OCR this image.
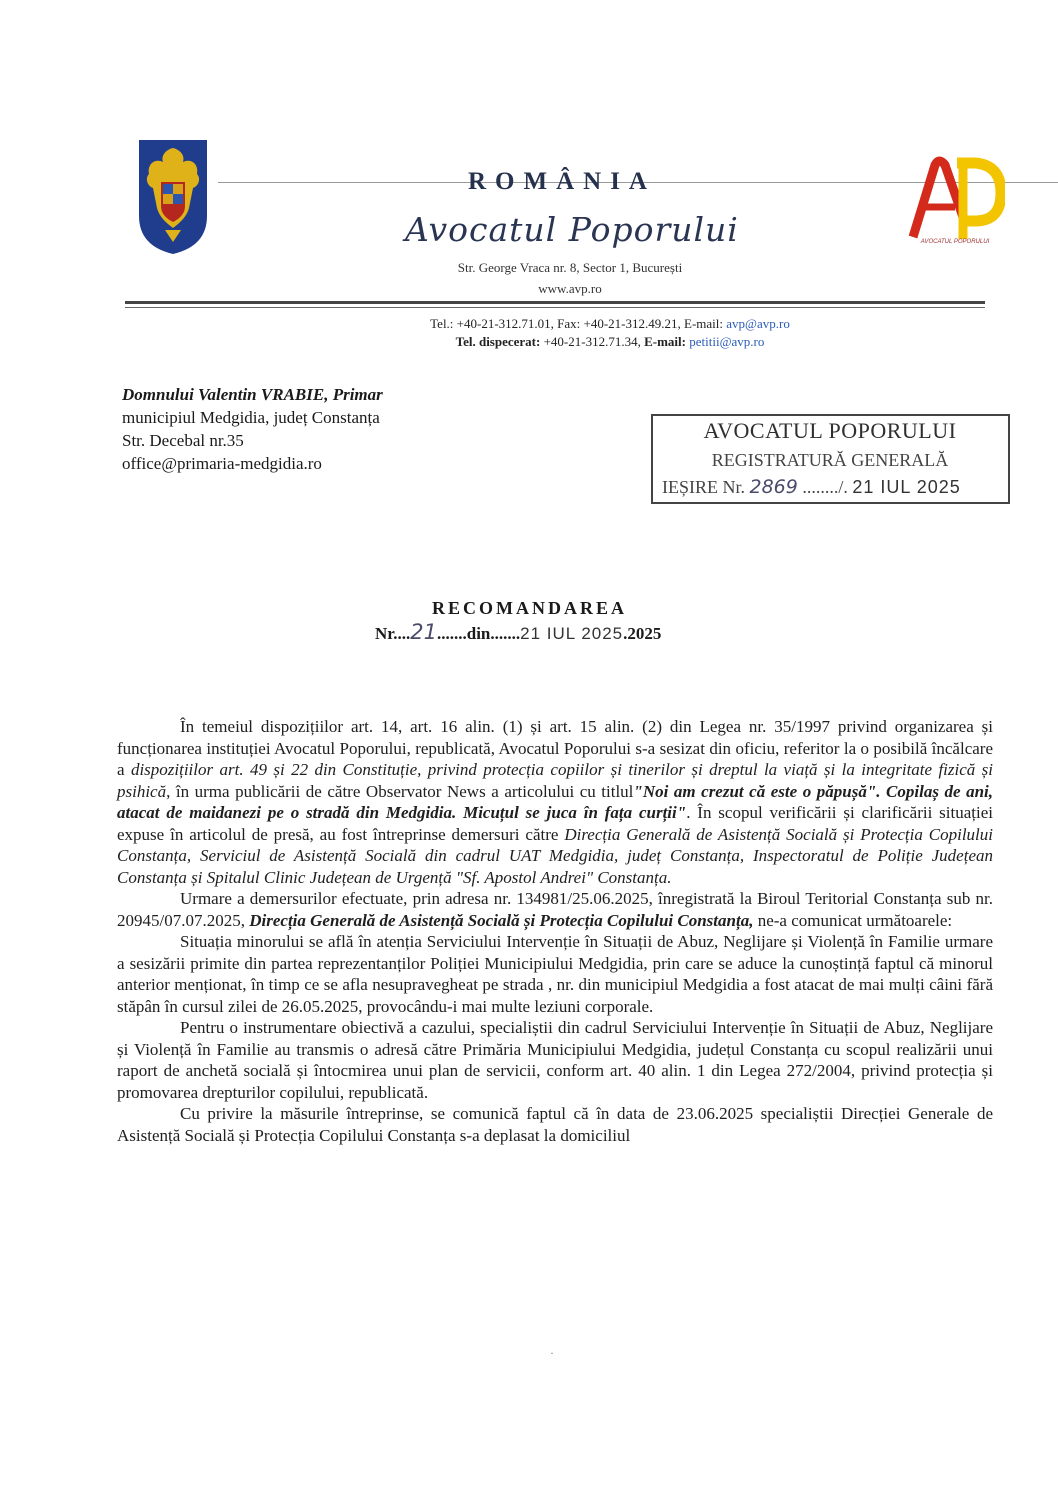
ROMÂNIA
Avocatul Poporului
Str. George Vraca nr. 8, Sector 1, București
www.avp.ro
AVOCATUL POPORULUI
Tel.: +40-21-312.71.01, Fax: +40-21-312.49.21, E-mail: avp@avp.ro
Tel. dispecerat: +40-21-312.71.34, E-mail: petitii@avp.ro
Domnului Valentin VRABIE, Primar
municipiul Medgidia, județ Constanța
Str. Decebal nr.35
office@primaria-medgidia.ro
AVOCATUL POPORULUI
REGISTRATURĂ GENERALĂ
IEȘIRE Nr. 2869 ......../. 21 IUL 2025
RECOMANDAREA
Nr....21.......din.......21 IUL 2025.2025

În temeiul dispozițiilor art. 14, art. 16 alin. (1) și art. 15 alin. (2) din Legea nr. 35/1997 privind organizarea și funcționarea instituției Avocatul Poporului, republicată, Avocatul Poporului s-a sesizat din oficiu, referitor la o posibilă încălcare a dispozițiilor art. 49 și 22 din Constituție, privind protecția copiilor și tinerilor și dreptul la viață și la integritate fizică și psihică, în urma publicării de către Observator News a articolului cu titlul"Noi am crezut că este o păpușă". Copilaș de ani, atacat de maidanezi pe o stradă din Medgidia. Micuțul se juca în fața curții". În scopul verificării și clarificării situației expuse în articolul de presă, au fost întreprinse demersuri către Direcția Generală de Asistență Socială și Protecția Copilului Constanța, Serviciul de Asistență Socială din cadrul UAT Medgidia, județ Constanța, Inspectoratul de Poliție Județean Constanța și Spitalul Clinic Județean de Urgență "Sf. Apostol Andrei" Constanța.

Urmare a demersurilor efectuate, prin adresa nr. 134981/25.06.2025, înregistrată la Biroul Teritorial Constanța sub nr. 20945/07.07.2025, Direcția Generală de Asistență Socială și Protecția Copilului Constanța, ne-a comunicat următoarele:

Situația minorului se află în atenția Serviciului Intervenție în Situații de Abuz, Neglijare și Violență în Familie urmare a sesizării primite din partea reprezentanților Poliției Municipiului Medgidia, prin care se aduce la cunoștință faptul că minorul anterior menționat, în timp ce se afla nesupravegheat pe strada , nr. din municipiul Medgidia a fost atacat de mai mulți câini fără stăpân în cursul zilei de 26.05.2025, provocându-i mai multe leziuni corporale.

Pentru o instrumentare obiectivă a cazului, specialiștii din cadrul Serviciului Intervenție în Situații de Abuz, Neglijare și Violență în Familie au transmis o adresă către Primăria Municipiului Medgidia, județul Constanța cu scopul realizării unui raport de anchetă socială și întocmirea unui plan de servicii, conform art. 40 alin. 1 din Legea 272/2004, privind protecția și promovarea drepturilor copilului, republicată.

Cu privire la măsurile întreprinse, se comunică faptul că în data de 23.06.2025 specialiștii Direcției Generale de Asistență Socială și Protecția Copilului Constanța s-a deplasat la domiciliul

·
